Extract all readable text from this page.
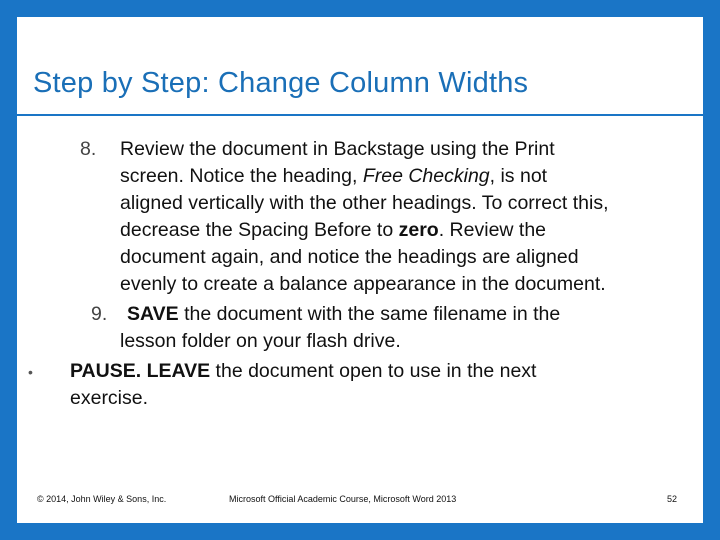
Step by Step: Change Column Widths
8. Review the document in Backstage using the Print
screen. Notice the heading, Free Checking, is not
aligned vertically with the other headings. To correct this,
decrease the Spacing Before to zero. Review the
document again, and notice the headings are aligned
evenly to create a balance appearance in the document.
9. SAVE the document with the same filename in the
lesson folder on your flash drive.
• PAUSE. LEAVE the document open to use in the next
exercise.
© 2014, John Wiley & Sons, Inc.	Microsoft Official Academic Course, Microsoft Word 2013	52
